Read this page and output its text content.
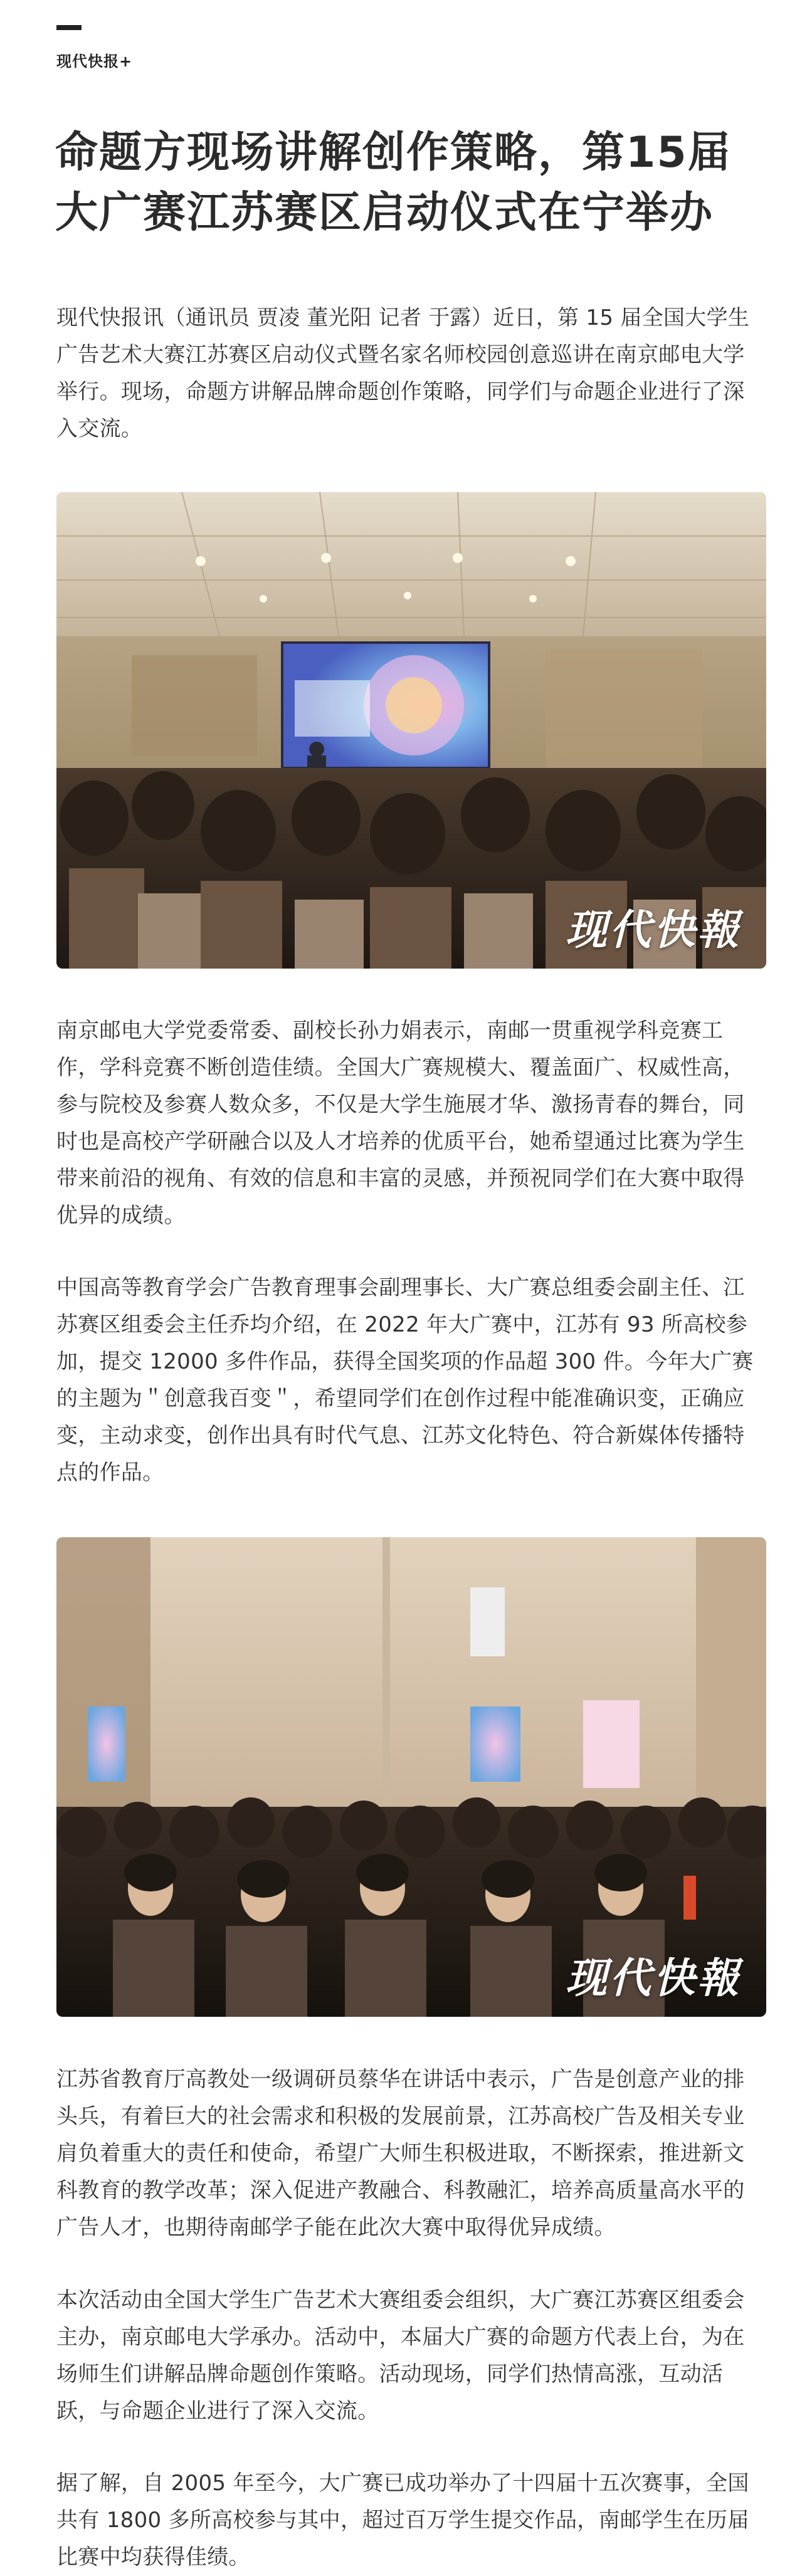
现代快报+
命题方现场讲解创作策略，第15届大广赛江苏赛区启动仪式在宁举办

现代快报讯（通讯员 贾凌 董光阳 记者 于露）近日，第 15 届全国大学生广告艺术大赛江苏赛区启动仪式暨名家名师校园创意巡讲在南京邮电大学举行。现场，命题方讲解品牌命题创作策略，同学们与命题企业进行了深入交流。

现代快報

南京邮电大学党委常委、副校长孙力娟表示，南邮一贯重视学科竞赛工作，学科竞赛不断创造佳绩。全国大广赛规模大、覆盖面广、权威性高，参与院校及参赛人数众多，不仅是大学生施展才华、激扬青春的舞台，同时也是高校产学研融合以及人才培养的优质平台，她希望通过比赛为学生带来前沿的视角、有效的信息和丰富的灵感，并预祝同学们在大赛中取得优异的成绩。

中国高等教育学会广告教育理事会副理事长、大广赛总组委会副主任、江苏赛区组委会主任乔均介绍，在 2022 年大广赛中，江苏有 93 所高校参加，提交 12000 多件作品，获得全国奖项的作品超 300 件。今年大广赛的主题为＂创意我百变＂，希望同学们在创作过程中能准确识变，正确应变，主动求变，创作出具有时代气息、江苏文化特色、符合新媒体传播特点的作品。

现代快報

江苏省教育厅高教处一级调研员蔡华在讲话中表示，广告是创意产业的排头兵，有着巨大的社会需求和积极的发展前景，江苏高校广告及相关专业肩负着重大的责任和使命，希望广大师生积极进取，不断探索，推进新文科教育的教学改革；深入促进产教融合、科教融汇，培养高质量高水平的广告人才，也期待南邮学子能在此次大赛中取得优异成绩。

本次活动由全国大学生广告艺术大赛组委会组织，大广赛江苏赛区组委会主办，南京邮电大学承办。活动中，本届大广赛的命题方代表上台，为在场师生们讲解品牌命题创作策略。活动现场，同学们热情高涨，互动活跃，与命题企业进行了深入交流。

据了解，自 2005 年至今，大广赛已成功举办了十四届十五次赛事，全国共有 1800 多所高校参与其中，超过百万学生提交作品，南邮学生在历届比赛中均获得佳绩。
